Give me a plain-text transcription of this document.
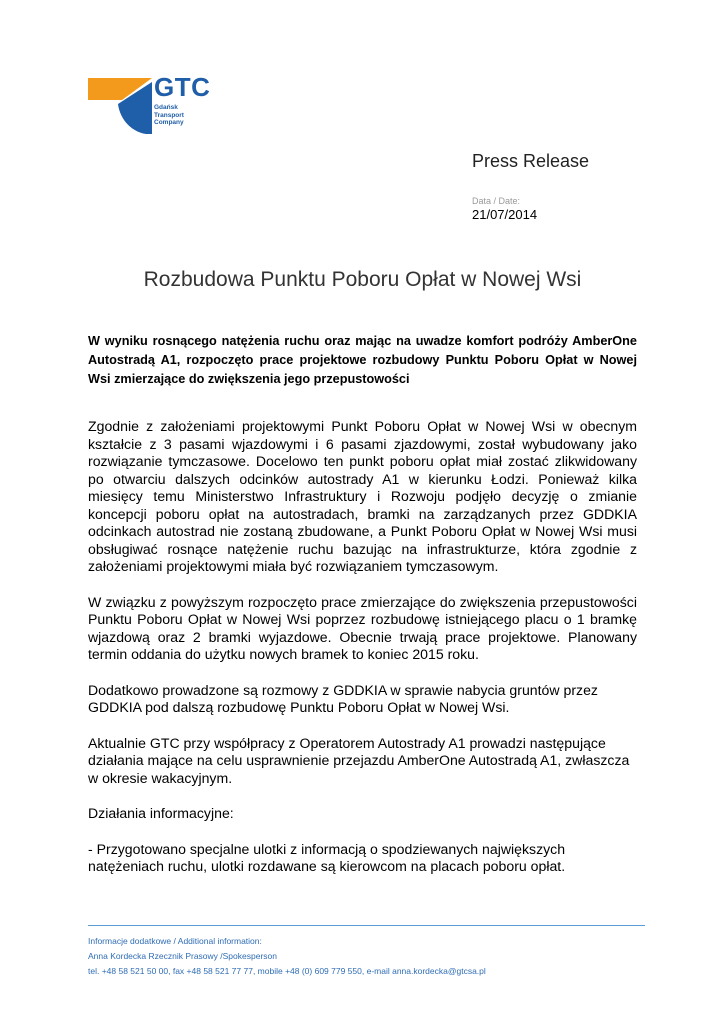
GTC
Gdańsk
Transport
Company
Press Release
Data / Date:
21/07/2014
Rozbudowa Punktu Poboru Opłat w Nowej Wsi
W wyniku rosnącego natężenia ruchu oraz mając na uwadze komfort podróży AmberOne Autostradą A1, rozpoczęto prace projektowe rozbudowy Punktu Poboru Opłat w Nowej Wsi zmierzające do zwiększenia jego przepustowości

Zgodnie z założeniami projektowymi Punkt Poboru Opłat w Nowej Wsi w obecnym kształcie z 3 pasami wjazdowymi i 6 pasami zjazdowymi, został wybudowany jako rozwiązanie tymczasowe. Docelowo ten punkt poboru opłat miał zostać zlikwidowany po otwarciu dalszych odcinków autostrady A1 w kierunku Łodzi. Ponieważ kilka miesięcy temu Ministerstwo Infrastruktury i Rozwoju podjęło decyzję o zmianie koncepcji poboru opłat na autostradach, bramki na zarządzanych przez GDDKIA odcinkach autostrad nie zostaną zbudowane, a Punkt Poboru Opłat w Nowej Wsi musi obsługiwać rosnące natężenie ruchu bazując na infrastrukturze, która zgodnie z założeniami projektowymi miała być rozwiązaniem tymczasowym.

W związku z powyższym rozpoczęto prace zmierzające do zwiększenia przepustowości Punktu Poboru Opłat w Nowej Wsi poprzez rozbudowę istniejącego placu o 1 bramkę wjazdową oraz 2 bramki wyjazdowe. Obecnie trwają prace projektowe. Planowany termin oddania do użytku nowych bramek to koniec 2015 roku.

Dodatkowo prowadzone są rozmowy z GDDKIA w sprawie nabycia gruntów przez GDDKIA pod dalszą rozbudowę Punktu Poboru Opłat w Nowej Wsi.

Aktualnie GTC przy współpracy z Operatorem Autostrady A1 prowadzi następujące działania mające na celu usprawnienie przejazdu AmberOne Autostradą A1, zwłaszcza w okresie wakacyjnym.

Działania informacyjne:

- Przygotowano specjalne ulotki z informacją o spodziewanych największych natężeniach ruchu, ulotki rozdawane są kierowcom na placach poboru opłat.

Informacje dodatkowe / Additional information:
Anna Kordecka Rzecznik Prasowy /Spokesperson
tel. +48 58 521 50 00, fax +48 58 521 77 77, mobile +48 (0) 609 779 550, e-mail anna.kordecka@gtcsa.pl
